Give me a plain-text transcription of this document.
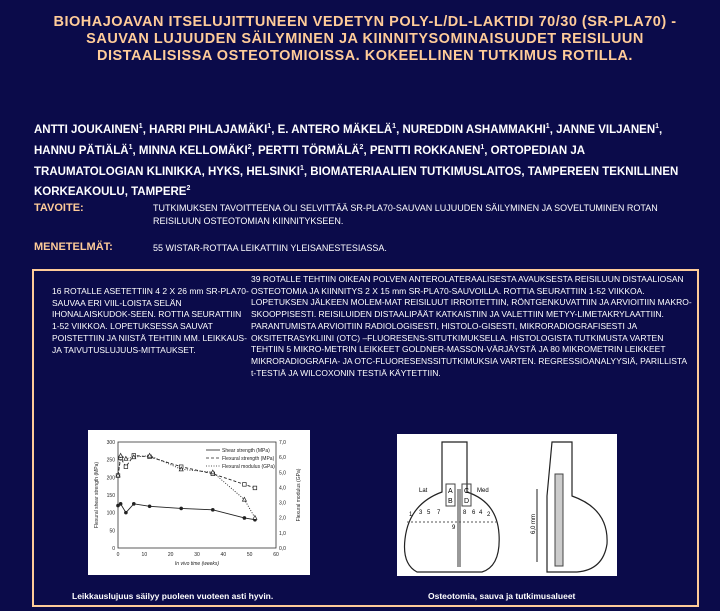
BIOHAJOAVAN ITSELUJITTUNEEN VEDETYN POLY-L/DL-LAKTIDI 70/30 (SR-PLA70) -SAUVAN LUJUUDEN SÄILYMINEN JA KIINNITYSOMINAISUUDET REISILUUN DISTAALISISSA OSTEOTOMIOISSA. KOKEELLINEN TUTKIMUS ROTILLA.
ANTTI JOUKAINEN$^1$, HARRI PIHLAJAMÄKI$^1$, E. ANTERO MÄKELÄ$^1$, NUREDDIN ASHAMMAKHI$^1$, JANNE VILJANEN$^1$, HANNU PÄTIÄLÄ$^1$, MINNA KELLOMÄKI$^2$, PERTTI TÖRMÄLÄ$^2$, PENTTI ROKKANEN$^1$, ORTOPEDIAN JA TRAUMATOLOGIAN KLINIKKA, HYKS, HELSINKI$^1$, BIOMATERIAALIEN TUTKIMUSLAITOS, TAMPEREEN TEKNILLINEN KORKEAKOULU, TAMPERE$^2$
TAVOITE:	TUTKIMUKSEN TAVOITTEENA OLI SELVITTÄÄ SR-PLA70-SAUVAN LUJUUDEN SÄILYMINEN JA SOVELTUMINEN ROTAN REISILUUN OSTEOTOMIAN KIINNITYKSEEN.
MENETELMÄT:	55 WISTAR-ROTTAA LEIKATTIIN YLEISANESTESIASSA.
16 ROTALLE ASETETTIIN 4 2 X 26 mm SR-PLA70-SAUVAA ERI VIIL-LOISTA SELÄN IHONALAISKUDOK-SEEN. ROTTIA SEURATTIIN 1-52 VIIKKOA. LOPETUKSESSA SAUVAT POISTETTIIN JA NIISTÄ TEHTIIN MM. LEIKKAUS- JA TAIVUTUSLUJUUS-MITTAUKSET.
39 ROTALLE TEHTIIN OIKEAN POLVEN ANTEROLATERAALISESTA AVAUKSESTA REISILUUN DISTAALIOSAN OSTEOTOMIA JA KIINNITYS 2 X 15 mm SR-PLA70-SAUVOILLA. ROTTIA SEURATTIIN 1-52 VIIKKOA. LOPETUKSEN JÄLKEEN MOLEM-MAT REISILUUT IRROITETTIIN, RÖNTGENKUVATTIIN JA ARVIOITIIN MAKRO-SKOOPPISESTI. REISILUIDEN DISTAALIPÄÄT KATKAISTIIN JA VALETTIIN METYY-LIMETAKRYLAATTIIN. PARANTUMISTA ARVIOITIIN RADIOLOGISESTI, HISTOLO-GISESTI, MIKRORADIOGRAFISESTI JA OKSITETRASYKLIINI (OTC) –FLUORESENS-SITUTKIMUKSELLA. HISTOLOGISTA TUTKIMUSTA VARTEN TEHTIIN 5 MIKRO-METRIN LEIKKEET GOLDNER-MASSON-VÄRJÄYSTÄ JA 80 MIKROMETRIN LEIKKEET MIKRORADIOGRAFIA- JA OTC-FLUORESENSSITUTKIMUKSIA VARTEN. REGRESSIOANALYYSIÄ, PARILLISTA t-TESTIÄ JA WILCOXONIN TESTIÄ KÄYTETTIIN.
0
50
100
150
200
250
300
0,0
1,0
2,0
3,0
4,0
5,0
6,0
7,0
0	10	20	30	40	50	60
In vivo time (weeks)
Flexural shear strength (MPa)	Flexural modulus (GPa)
Shear strength (MPa)
Flexural strength (MPa)
Flexural modulus (GPa)
Lat	Med
A
B
C
D
1	2
3	4
5	6
7	8
9	6,0 mm
Leikkauslujuus säilyy puoleen vuoteen asti hyvin.	Osteotomia, sauva ja tutkimusalueet
